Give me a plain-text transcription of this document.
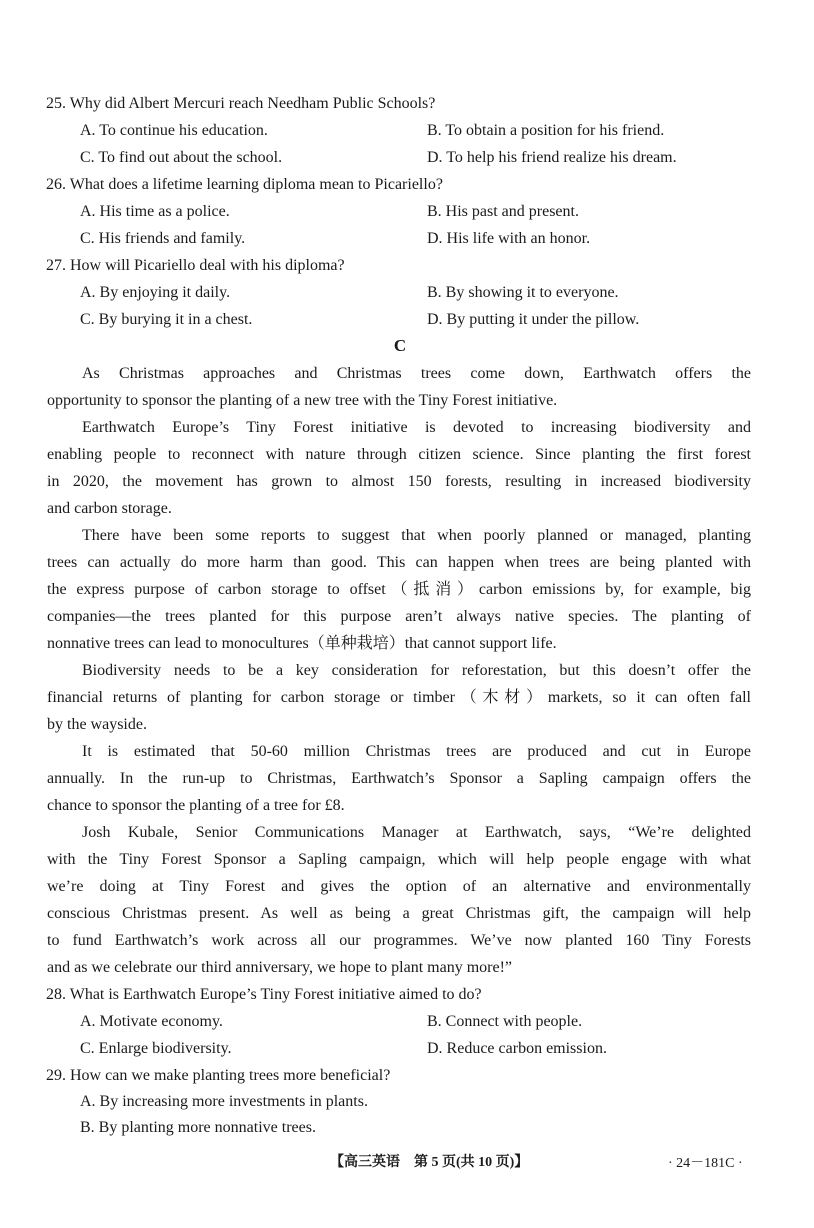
25. Why did Albert Mercuri reach Needham Public Schools?
A. To continue his education.	B. To obtain a position for his friend.
C. To find out about the school.	D. To help his friend realize his dream.
26. What does a lifetime learning diploma mean to Picariello?
A. His time as a police.	B. His past and present.
C. His friends and family.	D. His life with an honor.
27. How will Picariello deal with his diploma?
A. By enjoying it daily.	B. By showing it to everyone.
C. By burying it in a chest.	D. By putting it under the pillow.
C
As Christmas approaches and Christmas trees come down, Earthwatch offers the
opportunity to sponsor the planting of a new tree with the Tiny Forest initiative.
Earthwatch Europe’s Tiny Forest initiative is devoted to increasing biodiversity and
enabling people to reconnect with nature through citizen science. Since planting the first forest
in 2020, the movement has grown to almost 150 forests, resulting in increased biodiversity
and carbon storage.
There have been some reports to suggest that when poorly planned or managed, planting
trees can actually do more harm than good. This can happen when trees are being planted with
the express purpose of carbon storage to offset（抵消）carbon emissions by, for example, big
companies—the trees planted for this purpose aren’t always native species. The planting of
nonnative trees can lead to monocultures（单种栽培）that cannot support life.
Biodiversity needs to be a key consideration for reforestation, but this doesn’t offer the
financial returns of planting for carbon storage or timber（木材）markets, so it can often fall
by the wayside.
It is estimated that 50-60 million Christmas trees are produced and cut in Europe
annually. In the run-up to Christmas, Earthwatch’s Sponsor a Sapling campaign offers the
chance to sponsor the planting of a tree for £8.
Josh Kubale, Senior Communications Manager at Earthwatch, says, “We’re delighted
with the Tiny Forest Sponsor a Sapling campaign, which will help people engage with what
we’re doing at Tiny Forest and gives the option of an alternative and environmentally
conscious Christmas present. As well as being a great Christmas gift, the campaign will help
to fund Earthwatch’s work across all our programmes. We’ve now planted 160 Tiny Forests
and as we celebrate our third anniversary, we hope to plant many more!”
28. What is Earthwatch Europe’s Tiny Forest initiative aimed to do?
A. Motivate economy.	B. Connect with people.
C. Enlarge biodiversity.	D. Reduce carbon emission.
29. How can we make planting trees more beneficial?
A. By increasing more investments in plants.
B. By planting more nonnative trees.
【高三英语　第 5 页(共 10 页)】	· 24－181C ·
